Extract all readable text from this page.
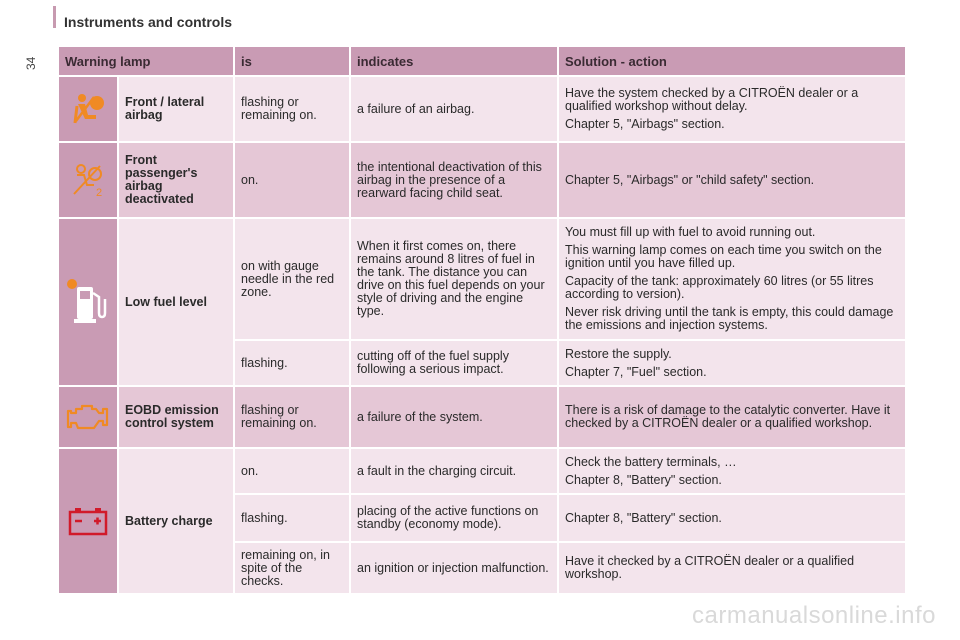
Instruments and controls
34 Warning lamp		is	indicates	Solution - action

	Front / lateral airbag	flashing or remaining on.	a failure of an airbag.	Have the system checked by a CITROËN dealer or a qualified workshop without delay.

Chapter 5, "Airbags" section.

2	Front passenger's airbag deactivated	on.	the intentional deactivation of this airbag in the presence of a rearward facing child seat.	Chapter 5, "Airbags" or "child safety" section.

	Low fuel level	on with gauge needle in the red zone.	When it first comes on, there remains around 8 litres of fuel in the tank. The distance you can drive on this fuel depends on your style of driving and the engine type.	You must fill up with fuel to avoid running out.

This warning lamp comes on each time you switch on the ignition until you have filled up.

Capacity of the tank: approximately 60 litres (or 55 litres according to version).

Never risk driving until the tank is empty, this could damage the emissions and injection systems.

		flashing.	cutting off of the fuel supply following a serious impact.	Restore the supply.

Chapter 7, "Fuel" section.

	EOBD emission control system	flashing or remaining on.	a failure of the system.	There is a risk of damage to the catalytic converter. Have it checked by a CITROËN dealer or a qualified workshop.

	Battery charge	on.	a fault in the charging circuit.	Check the battery terminals, …

Chapter 8, "Battery" section.

		flashing.	placing of the active functions on standby (economy mode).	Chapter 8, "Battery" section.

		remaining on, in spite of the checks.	an ignition or injection malfunction.	Have it checked by a CITROËN dealer or a qualified workshop.

carmanualsonline.info
